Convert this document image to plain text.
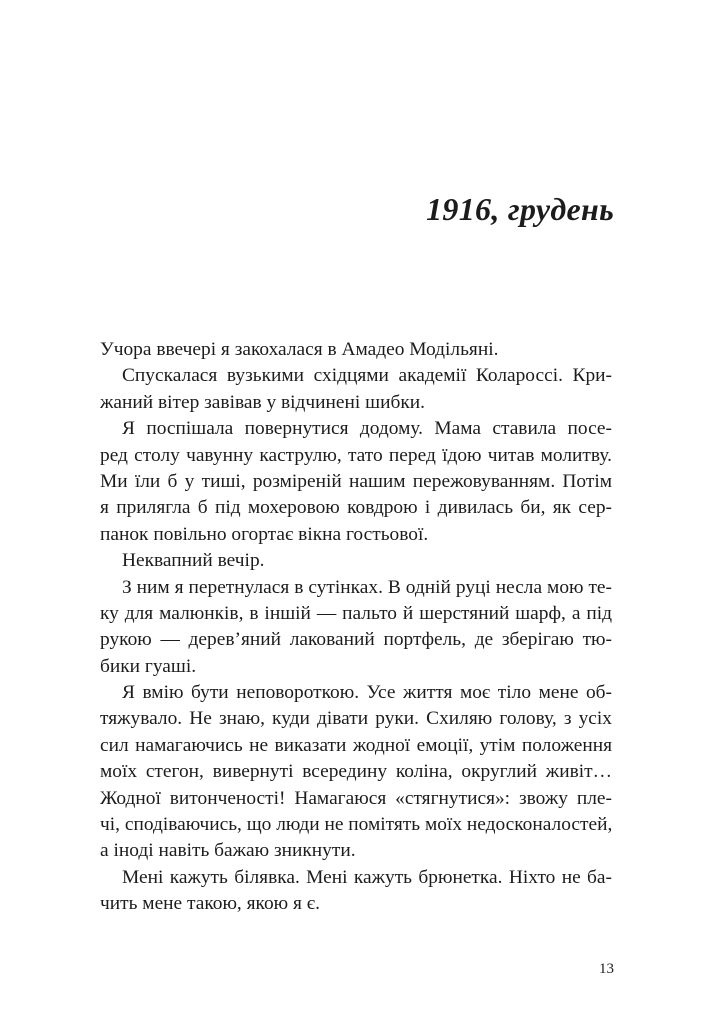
1916, грудень
Учора ввечері я закохалася в Амадео Модільяні.
Спускалася вузькими східцями академії Колароссі. Кри-
жаний вітер завівав у відчинені шибки.
Я поспішала повернутися додому. Мама ставила посе-
ред столу чавунну каструлю, тато перед їдою читав молитву.
Ми їли б у тиші, розміреній нашим пережовуванням. Потім
я прилягла б під мохеровою ковдрою і дивилась би, як сер-
панок повільно огортає вікна гостьової.
Неквапний вечір.
З ним я перетнулася в сутінках. В одній руці несла мою те-
ку для малюнків, в іншій — пальто й шерстяний шарф, а під
рукою — дерев’яний лакований портфель, де зберігаю тю-
бики гуаші.
Я вмію бути неповороткою. Усе життя моє тіло мене об-
тяжувало. Не знаю, куди дівати руки. Схиляю голову, з усіх
сил намагаючись не виказати жодної емоції, утім положення
моїх стегон, вивернуті всередину коліна, округлий живіт…
Жодної витонченості! Намагаюся «стягнутися»: звожу пле-
чі, сподіваючись, що люди не помітять моїх недосконалостей,
а іноді навіть бажаю зникнути.
Мені кажуть білявка. Мені кажуть брюнетка. Ніхто не ба-
чить мене такою, якою я є.

13
